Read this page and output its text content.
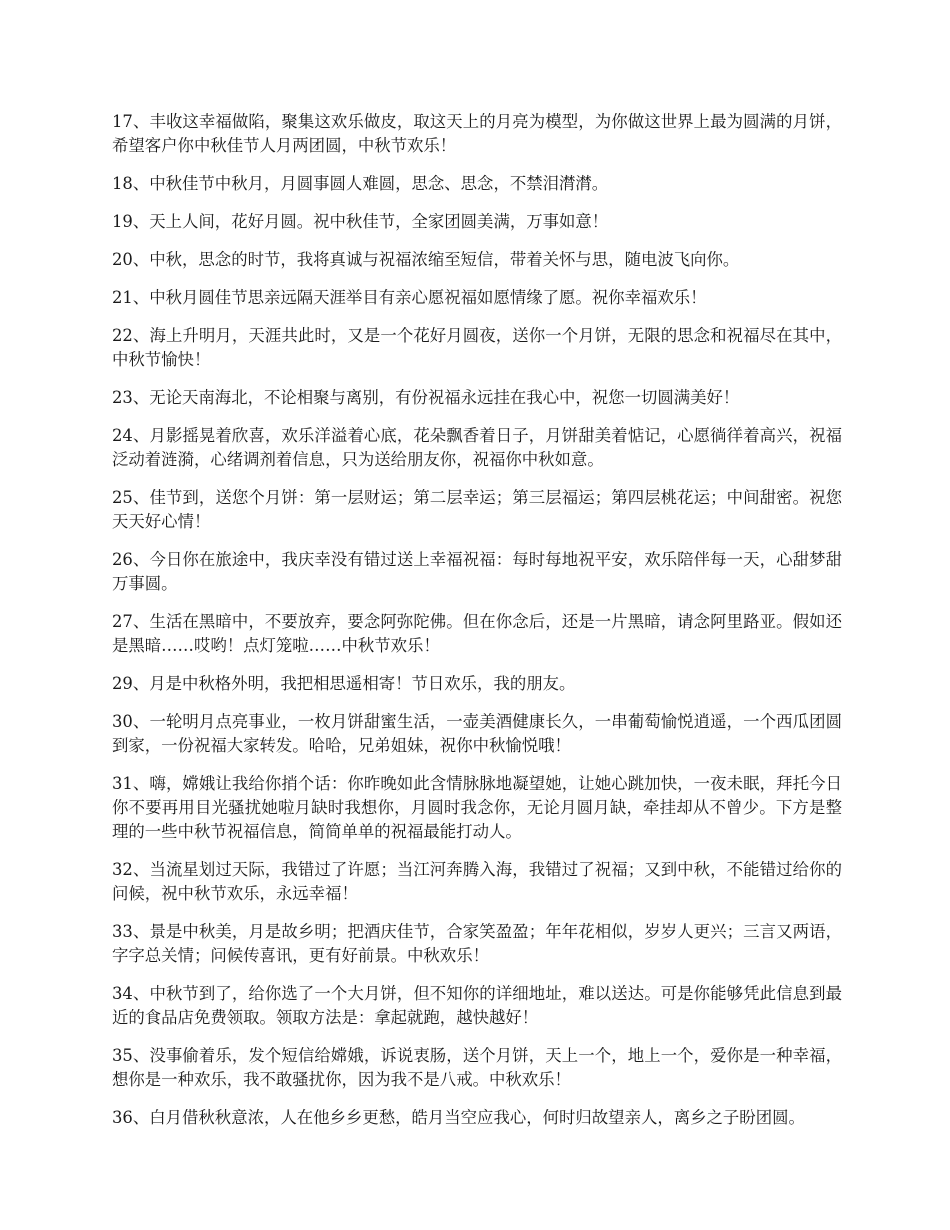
17、丰收这幸福做陷，聚集这欢乐做皮，取这天上的月亮为模型，为你做这世界上最为圆满的月饼，希望客户你中秋佳节人月两团圆，中秋节欢乐！

18、中秋佳节中秋月，月圆事圆人难圆，思念、思念，不禁泪潸潸。

19、天上人间，花好月圆。祝中秋佳节，全家团圆美满，万事如意！

20、中秋，思念的时节，我将真诚与祝福浓缩至短信，带着关怀与思，随电波飞向你。

21、中秋月圆佳节思亲远隔天涯举目有亲心愿祝福如愿情缘了愿。祝你幸福欢乐！

22、海上升明月，天涯共此时，又是一个花好月圆夜，送你一个月饼，无限的思念和祝福尽在其中，中秋节愉快！

23、无论天南海北，不论相聚与离别，有份祝福永远挂在我心中，祝您一切圆满美好！

24、月影摇晃着欣喜，欢乐洋溢着心底，花朵飘香着日子，月饼甜美着惦记，心愿徜徉着高兴，祝福泛动着涟漪，心绪调剂着信息，只为送给朋友你，祝福你中秋如意。

25、佳节到，送您个月饼：第一层财运；第二层幸运；第三层福运；第四层桃花运；中间甜密。祝您天天好心情！

26、今日你在旅途中，我庆幸没有错过送上幸福祝福：每时每地祝平安，欢乐陪伴每一天，心甜梦甜万事圆。

27、生活在黑暗中，不要放弃，要念阿弥陀佛。但在你念后，还是一片黑暗，请念阿里路亚。假如还是黑暗……哎哟！点灯笼啦……中秋节欢乐！

29、月是中秋格外明，我把相思遥相寄！节日欢乐，我的朋友。

30、一轮明月点亮事业，一枚月饼甜蜜生活，一壶美酒健康长久，一串葡萄愉悦逍遥，一个西瓜团圆到家，一份祝福大家转发。哈哈，兄弟姐妹，祝你中秋愉悦哦！

31、嗨，嫦娥让我给你捎个话：你昨晚如此含情脉脉地凝望她，让她心跳加快，一夜未眠，拜托今日你不要再用目光骚扰她啦月缺时我想你，月圆时我念你，无论月圆月缺，牵挂却从不曾少。下方是整理的一些中秋节祝福信息，简简单单的祝福最能打动人。

32、当流星划过天际，我错过了许愿；当江河奔腾入海，我错过了祝福；又到中秋，不能错过给你的问候，祝中秋节欢乐，永远幸福！

33、景是中秋美，月是故乡明；把酒庆佳节，合家笑盈盈；年年花相似，岁岁人更兴；三言又两语，字字总关情；问候传喜讯，更有好前景。中秋欢乐！

34、中秋节到了，给你选了一个大月饼，但不知你的详细地址，难以送达。可是你能够凭此信息到最近的食品店免费领取。领取方法是：拿起就跑，越快越好！

35、没事偷着乐，发个短信给嫦娥，诉说衷肠，送个月饼，天上一个，地上一个，爱你是一种幸福，想你是一种欢乐，我不敢骚扰你，因为我不是八戒。中秋欢乐！

36、白月借秋秋意浓，人在他乡乡更愁，皓月当空应我心，何时归故望亲人，离乡之子盼团圆。
